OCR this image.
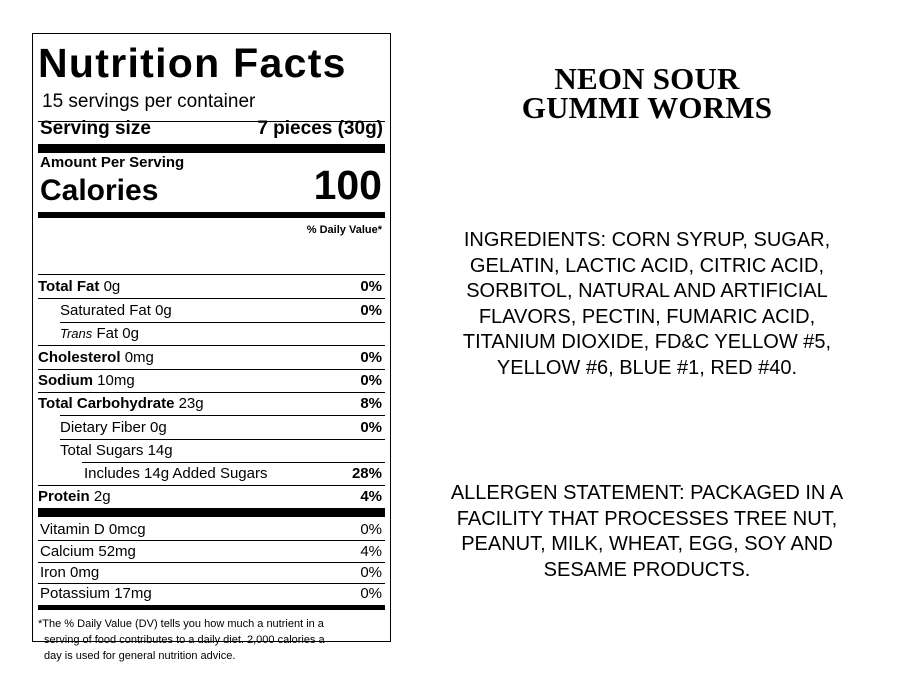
Nutrition Facts
15 servings per container
Serving size	7 pieces (30g)
Amount Per Serving
Calories	100
% Daily Value*
Total Fat 0g	0%
Saturated Fat 0g	0%
Trans Fat 0g
Cholesterol 0mg	0%
Sodium 10mg	0%
Total Carbohydrate 23g	8%
Dietary Fiber 0g	0%
Total Sugars 14g
Includes 14g Added Sugars	28%
Protein 2g	4%
Vitamin D 0mcg	0%
Calcium 52mg	4%
Iron 0mg	0%
Potassium 17mg	0%
*The % Daily Value (DV) tells you how much a nutrient in a
serving of food contributes to a daily diet. 2,000 calories a
day is used for general nutrition advice.
NEON SOUR
GUMMI WORMS
INGREDIENTS: CORN SYRUP, SUGAR,
GELATIN, LACTIC ACID, CITRIC ACID,
SORBITOL, NATURAL AND ARTIFICIAL
FLAVORS, PECTIN, FUMARIC ACID,
TITANIUM DIOXIDE, FD&C YELLOW #5,
YELLOW #6, BLUE #1, RED #40.
ALLERGEN STATEMENT: PACKAGED IN A
FACILITY THAT PROCESSES TREE NUT,
PEANUT, MILK, WHEAT, EGG, SOY AND
SESAME PRODUCTS.
